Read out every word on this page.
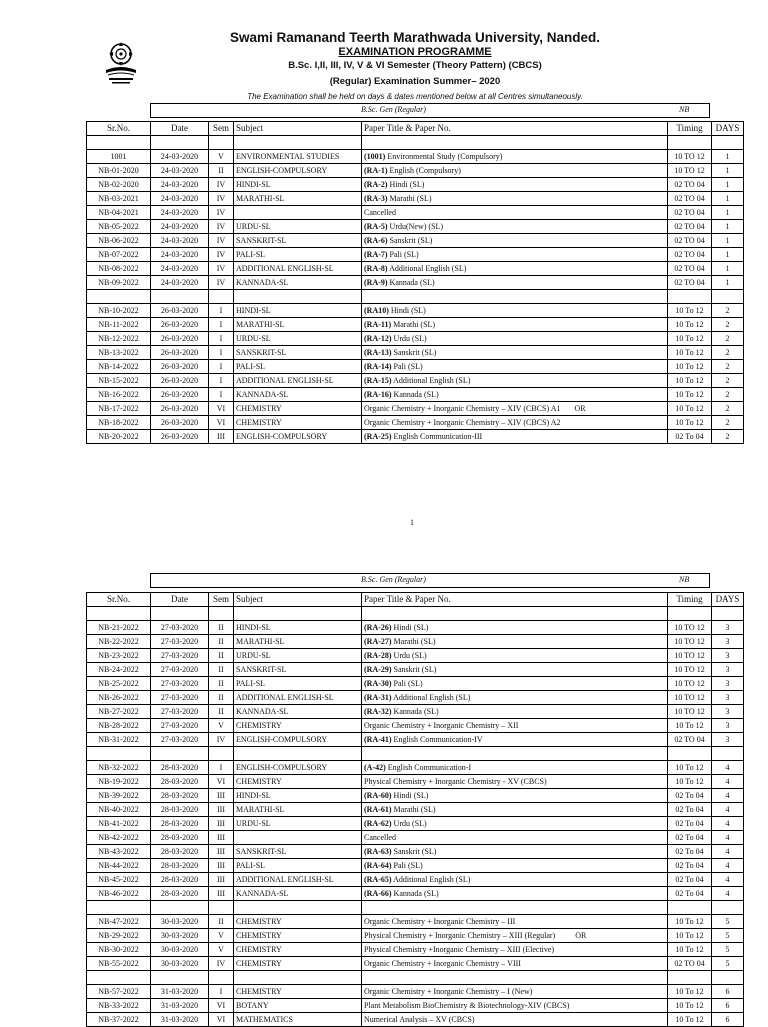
Swami Ramanand Teerth Marathwada University, Nanded.
EXAMINATION PROGRAMME
B.Sc. I,II, III, IV, V & VI Semester (Theory Pattern) (CBCS)
(Regular) Examination Summer– 2020
The Examination shall be held on days & dates mentioned below at all Centres simultaneously.
B.Sc. Gen (Regular)	NB
Sr.No.	Date	Sem	Subject	Paper Title & Paper No.	Timing	DAYS

1001	24-03-2020	V	ENVIRONMENTAL STUDIES	(1001) Environmental Study (Compulsory)	10 TO 12	1
NB-01-2020	24-03-2020	II	ENGLISH-COMPULSORY	(RA-1) English (Compulsory)	10 TO 12	1
NB-02-2020	24-03-2020	IV	HINDI-SL	(RA-2) Hindi (SL)	02 TO 04	1
NB-03-2021	24-03-2020	IV	MARATHI-SL	(RA-3) Marathi (SL)	02 TO 04	1
NB-04-2021	24-03-2020	IV		Cancelled	02 TO 04	1
NB-05-2022	24-03-2020	IV	URDU-SL	(RA-5) Urdu(New) (SL)	02 TO 04	1
NB-06-2022	24-03-2020	IV	SANSKRIT-SL	(RA-6) Sanskrit (SL)	02 TO 04	1
NB-07-2022	24-03-2020	IV	PALI-SL	(RA-7) Pali (SL)	02 TO 04	1
NB-08-2022	24-03-2020	IV	ADDITIONAL ENGLISH-SL	(RA-8) Additional English (SL)	02 TO 04	1
NB-09-2022	24-03-2020	IV	KANNADA-SL	(RA-9) Kannada (SL)	02 TO 04	1

NB-10-2022	26-03-2020	I	HINDI-SL	(RA10) Hindi (SL)	10 To 12	2
NB-11-2022	26-03-2020	I	MARATHI-SL	(RA-11) Marathi (SL)	10 To 12	2
NB-12-2022	26-03-2020	I	URDU-SL	(RA-12) Urdu (SL)	10 To 12	2
NB-13-2022	26-03-2020	I	SANSKRIT-SL	(RA-13) Sanskrit (SL)	10 To 12	2
NB-14-2022	26-03-2020	I	PALI-SL	(RA-14) Pali (SL)	10 To 12	2
NB-15-2022	26-03-2020	I	ADDITIONAL ENGLISH-SL	(RA-15) Additional English (SL)	10 To 12	2
NB-16-2022	26-03-2020	I	KANNADA-SL	(RA-16) Kannada (SL)	10 To 12	2
NB-17-2022	26-03-2020	VI	CHEMISTRY	Organic Chemistry + Inorganic Chemistry – XIV (CBCS) A1       OR	10 To 12	2
NB-18-2022	26-03-2020	VI	CHEMISTRY	Organic Chemistry + Inorganic Chemistry – XIV (CBCS) A2	10 To 12	2
NB-20-2022	26-03-2020	III	ENGLISH-COMPULSORY	(RA-25) English Communication-III	02 To 04	2
1
B.Sc. Gen (Regular)	NB
Sr.No.	Date	Sem	Subject	Paper Title & Paper No.	Timing	DAYS

NB-21-2022	27-03-2020	II	HINDI-SL	(RA-26) Hindi (SL)	10 TO 12	3
NB-22-2022	27-03-2020	II	MARATHI-SL	(RA-27) Marathi (SL)	10 TO 12	3
NB-23-2022	27-03-2020	II	URDU-SL	(RA-28) Urdu (SL)	10 TO 12	3
NB-24-2022	27-03-2020	II	SANSKRIT-SL	(RA-29) Sanskrit (SL)	10 TO 12	3
NB-25-2022	27-03-2020	II	PALI-SL	(RA-30) Pali (SL)	10 TO 12	3
NB-26-2022	27-03-2020	II	ADDITIONAL ENGLISH-SL	(RA-31) Additional English (SL)	10 TO 12	3
NB-27-2022	27-03-2020	II	KANNADA-SL	(RA-32) Kannada (SL)	10 TO 12	3
NB-28-2022	27-03-2020	V	CHEMISTRY	Organic Chemistry + Inorganic Chemistry – XII	10 To 12	3
NB-31-2022	27-03-2020	IV	ENGLISH-COMPULSORY	(RA-41) English Communication-IV	02 TO 04	3

NB-32-2022	28-03-2020	I	ENGLISH-COMPULSORY	(A-42) English Communication-I	10 To 12	4
NB-19-2022	28-03-2020	VI	CHEMISTRY	Physical Chemistry + Inorganic Chemistry - XV (CBCS)	10 To 12	4
NB-39-2022	28-03-2020	III	HINDI-SL	(RA-60) Hindi (SL)	02 To 04	4
NB-40-2022	28-03-2020	III	MARATHI-SL	(RA-61) Marathi (SL)	02 To 04	4
NB-41-2022	28-03-2020	III	URDU-SL	(RA-62) Urdu (SL)	02 To 04	4
NB-42-2022	28-03-2020	III		Cancelled	02 To 04	4
NB-43-2022	28-03-2020	III	SANSKRIT-SL	(RA-63) Sanskrit (SL)	02 To 04	4
NB-44-2022	28-03-2020	III	PALI-SL	(RA-64) Pali (SL)	02 To 04	4
NB-45-2022	28-03-2020	III	ADDITIONAL ENGLISH-SL	(RA-65) Additional English (SL)	02 To 04	4
NB-46-2022	28-03-2020	III	KANNADA-SL	(RA-66) Kannada (SL)	02 To 04	4

NB-47-2022	30-03-2020	II	CHEMISTRY	Organic Chemistry + Inorganic Chemistry – III	10 To 12	5
NB-29-2022	30-03-2020	V	CHEMISTRY	Physical Chemistry + Inorganic Chemistry – XIII (Regular)          OR	10 To 12	5
NB-30-2022	30-03-2020	V	CHEMISTRY	Physical Chemistry +Inorganic Chemistry – XIII (Elective)	10 To 12	5
NB-55-2022	30-03-2020	IV	CHEMISTRY	Organic Chemistry + Inorganic Chemistry – VIII	02 TO 04	5

NB-57-2022	31-03-2020	I	CHEMISTRY	Organic Chemistry + Inorganic Chemistry – I (New)	10 To 12	6
NB-33-2022	31-03-2020	VI	BOTANY	Plant Metabolism BioChemistry & Biotechnology-XIV (CBCS)	10 To 12	6
NB-37-2022	31-03-2020	VI	MATHEMATICS	Numerical Analysis – XV (CBCS)	10 To 12	6
